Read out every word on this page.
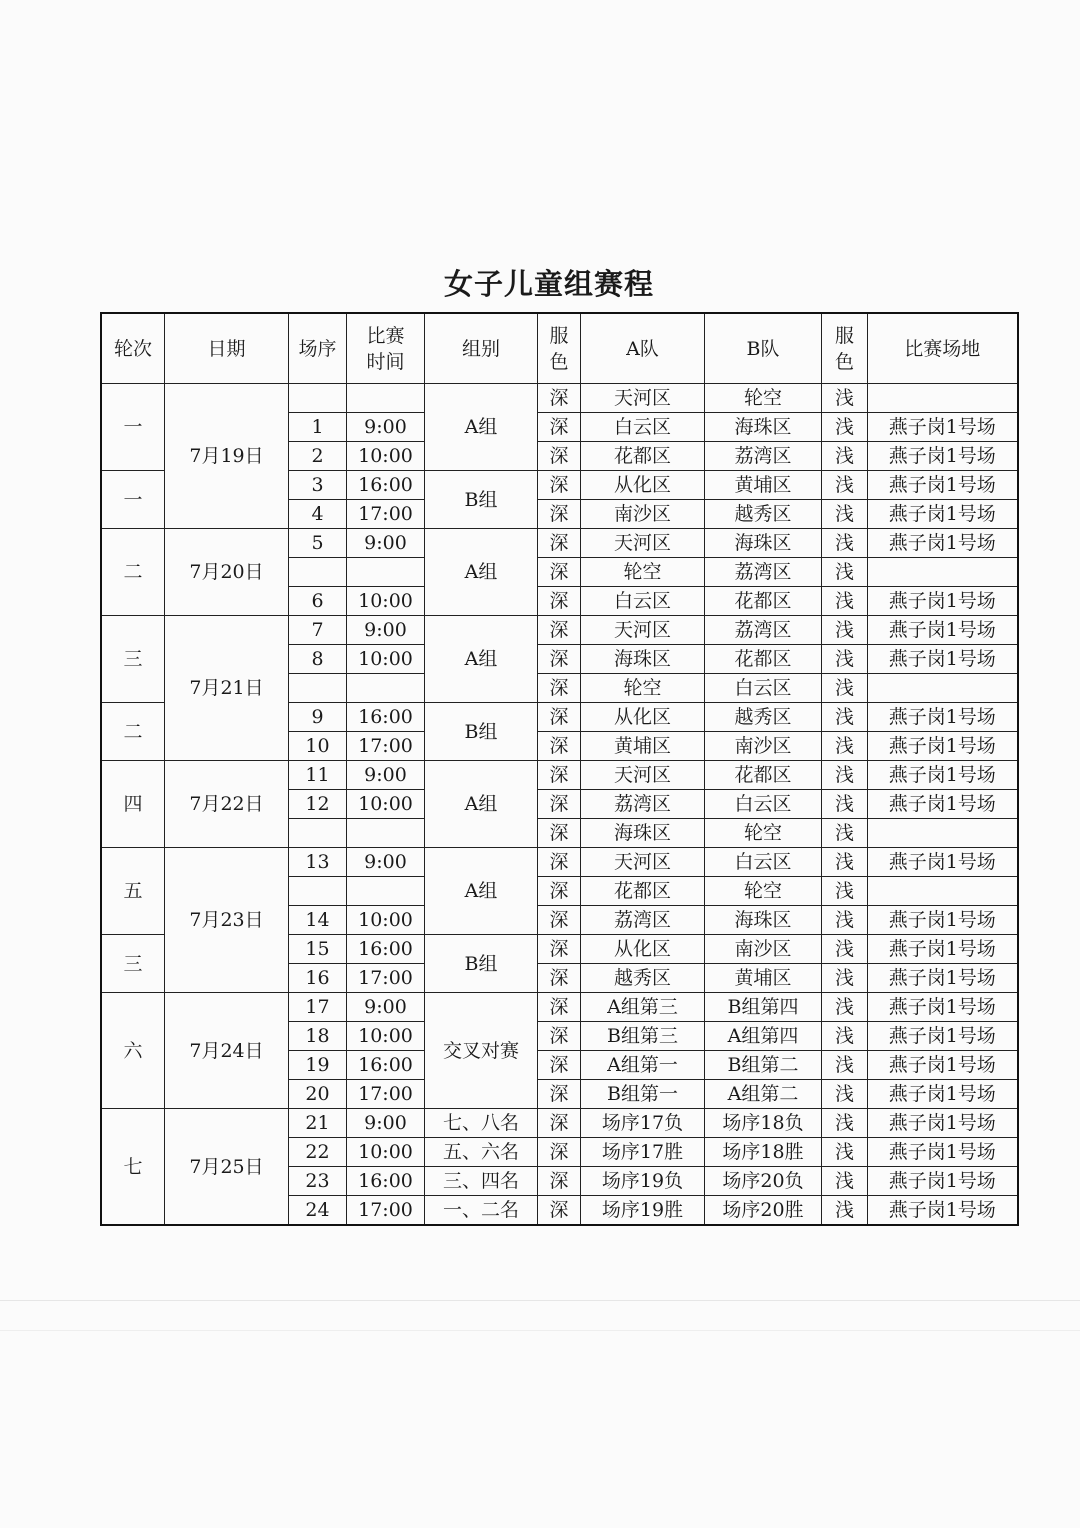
女子儿童组赛程
轮次	日期	场序	比赛时间	组别	服色	A队	B队	服色	比赛场地
一	7月19日			A组	深	天河区	轮空	浅	
		1	9:00		深	白云区	海珠区	浅	燕子岗1号场
		2	10:00		深	花都区	荔湾区	浅	燕子岗1号场
一		3	16:00	B组	深	从化区	黄埔区	浅	燕子岗1号场
		4	17:00		深	南沙区	越秀区	浅	燕子岗1号场
二	7月20日	5	9:00	A组	深	天河区	海珠区	浅	燕子岗1号场
					深	轮空	荔湾区	浅	
		6	10:00		深	白云区	花都区	浅	燕子岗1号场
三	7月21日	7	9:00	A组	深	天河区	荔湾区	浅	燕子岗1号场
		8	10:00		深	海珠区	花都区	浅	燕子岗1号场
					深	轮空	白云区	浅	
二		9	16:00	B组	深	从化区	越秀区	浅	燕子岗1号场
		10	17:00		深	黄埔区	南沙区	浅	燕子岗1号场
四	7月22日	11	9:00	A组	深	天河区	花都区	浅	燕子岗1号场
		12	10:00		深	荔湾区	白云区	浅	燕子岗1号场
					深	海珠区	轮空	浅	
五	7月23日	13	9:00	A组	深	天河区	白云区	浅	燕子岗1号场
					深	花都区	轮空	浅	
		14	10:00		深	荔湾区	海珠区	浅	燕子岗1号场
三		15	16:00	B组	深	从化区	南沙区	浅	燕子岗1号场
		16	17:00		深	越秀区	黄埔区	浅	燕子岗1号场
六	7月24日	17	9:00	交叉对赛	深	A组第三	B组第四	浅	燕子岗1号场
		18	10:00		深	B组第三	A组第四	浅	燕子岗1号场
		19	16:00		深	A组第一	B组第二	浅	燕子岗1号场
		20	17:00		深	B组第一	A组第二	浅	燕子岗1号场
七	7月25日	21	9:00	七、八名	深	场序17负	场序18负	浅	燕子岗1号场
		22	10:00	五、六名	深	场序17胜	场序18胜	浅	燕子岗1号场
		23	16:00	三、四名	深	场序19负	场序20负	浅	燕子岗1号场
		24	17:00	一、二名	深	场序19胜	场序20胜	浅	燕子岗1号场
